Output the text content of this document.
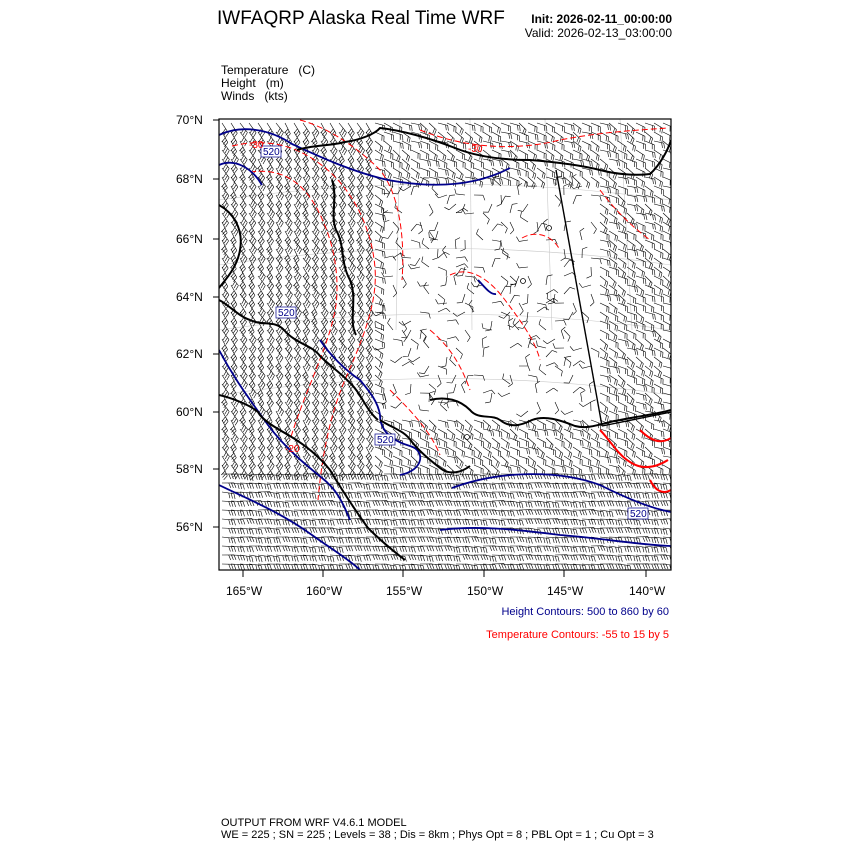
IWFAQRP Alaska Real Time WRF Init: 2026-02-11_00:00:00
Valid: 2026-02-13_03:00:00
Temperature (C)
Height (m)
Winds (kts)
520
520
520
520
-30	-30
-20
70°N
68°N
66°N
64°N
62°N
60°N
58°N
56°N
165°W	160°W	155°W	150°W	145°W	140°W
Height Contours: 500 to 860 by 60
Temperature Contours: -55 to 15 by 5
OUTPUT FROM WRF V4.6.1 MODEL
WE = 225 ; SN = 225 ; Levels = 38 ; Dis = 8km ; Phys Opt = 8 ; PBL Opt = 1 ; Cu Opt = 3
